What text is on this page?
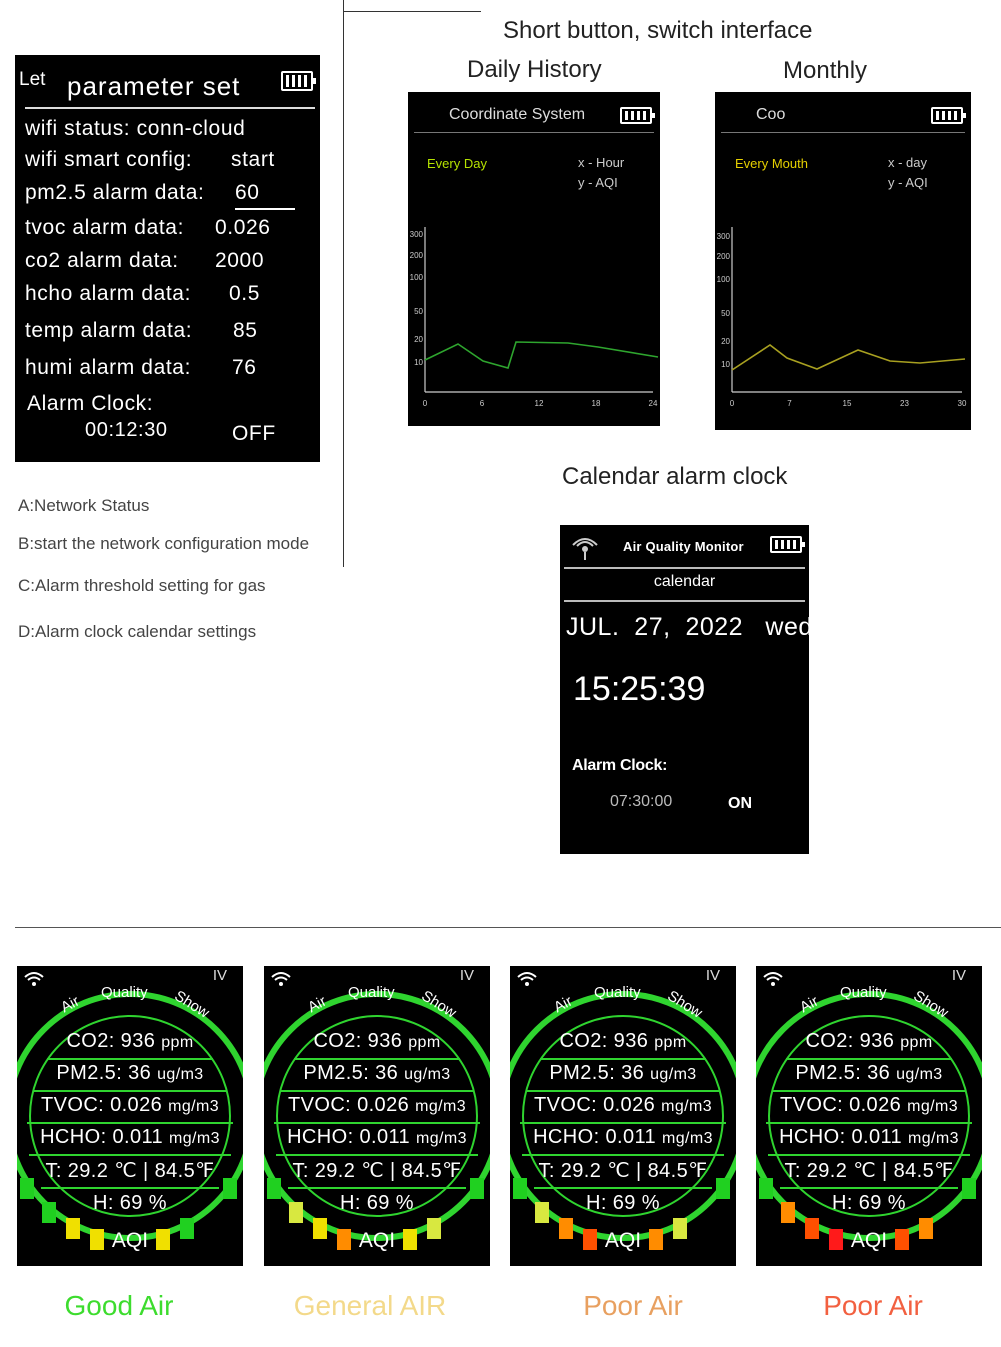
Let parameter set
wifi status: conn-cloud
wifi smart config: start
pm2.5 alarm data: 60
tvoc alarm data: 0.026
co2 alarm data: 2000
hcho alarm data: 0.5
temp alarm data: 85
humi alarm data: 76
Alarm Clock:
00:12:30	OFF
A:Network Status
B:start the network configuration mode
C:Alarm threshold setting for gas
D:Alarm clock calendar settings
Short button, switch interface
Daily History	Monthly
Calendar alarm clock
Coordinate System
Every Day	x - Hour
y - AQI
300
200
100
50
20
10
0	6	12	18	24
Coo
Every Mouth	x - day
y - AQI
300
200
100
50
20
10
0	7	15	23	30
Air Quality Monitor
calendar
JUL.  27,  2022   wed.
15:25:39
Alarm Clock:
07:30:00	ON
IV
Air
Quality Show
CO2: 936 ppm
PM2.5: 36 ug/m3
TVOC: 0.026 mg/m3
HCHO: 0.011 mg/m3
T: 29.2 ℃ | 84.5℉
H: 69 %
AQI
IV
Air
Quality Show
CO2: 936 ppm
PM2.5: 36 ug/m3
TVOC: 0.026 mg/m3
HCHO: 0.011 mg/m3
T: 29.2 ℃ | 84.5℉
H: 69 %
AQI
IV
Air
Quality Show
CO2: 936 ppm
PM2.5: 36 ug/m3
TVOC: 0.026 mg/m3
HCHO: 0.011 mg/m3
T: 29.2 ℃ | 84.5℉
H: 69 %
AQI
IV
Air
Quality Show
CO2: 936 ppm
PM2.5: 36 ug/m3
TVOC: 0.026 mg/m3
HCHO: 0.011 mg/m3
T: 29.2 ℃ | 84.5℉
H: 69 %
AQI
Good Air	General AIR	Poor Air	Poor Air
